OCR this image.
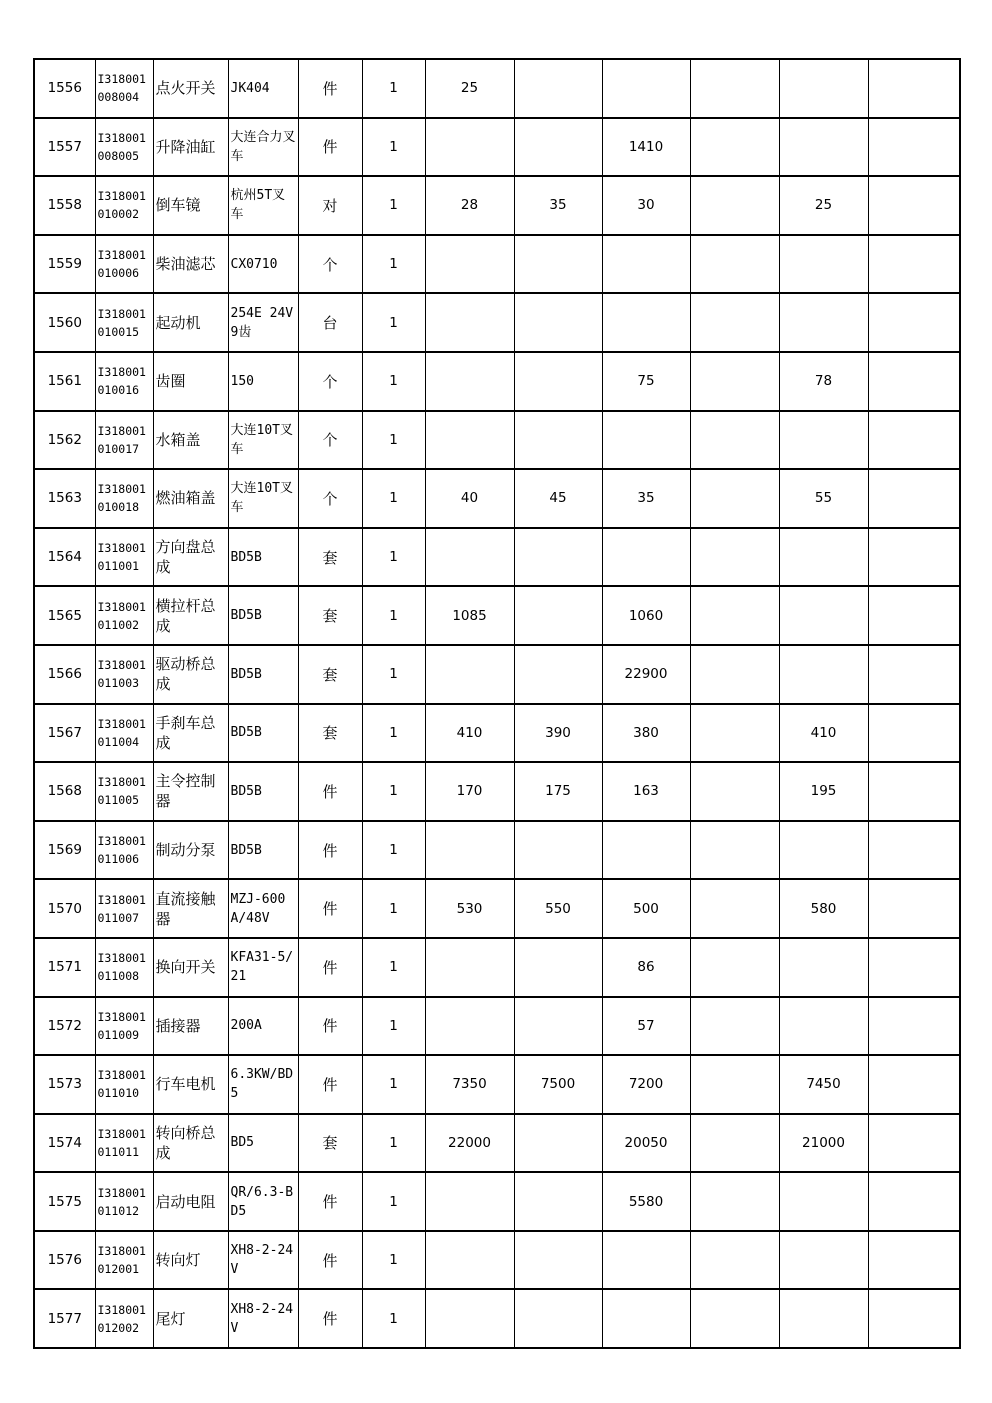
1556	I318001008004	点火开关	JK404	件	1	25					
1557	I318001008005	升降油缸	大连合力叉车	件	1			1410			
1558	I318001010002	倒车镜	杭州5T叉车	对	1	28	35	30		25	
1559	I318001010006	柴油滤芯	CX0710	个	1						
1560	I318001010015	起动机	254E 24V 9齿	台	1						
1561	I318001010016	齿圈	150	个	1			75		78	
1562	I318001010017	水箱盖	大连10T叉车	个	1						
1563	I318001010018	燃油箱盖	大连10T叉车	个	1	40	45	35		55	
1564	I318001011001	方向盘总成	BD5B	套	1						
1565	I318001011002	横拉杆总成	BD5B	套	1	1085		1060			
1566	I318001011003	驱动桥总成	BD5B	套	1			22900			
1567	I318001011004	手刹车总成	BD5B	套	1	410	390	380		410	
1568	I318001011005	主令控制器	BD5B	件	1	170	175	163		195	
1569	I318001011006	制动分泵	BD5B	件	1						
1570	I318001011007	直流接触器	MZJ-600A/48V	件	1	530	550	500		580	
1571	I318001011008	换向开关	KFA31-5/21	件	1			86			
1572	I318001011009	插接器	200A	件	1			57			
1573	I318001011010	行车电机	6.3KW/BD5	件	1	7350	7500	7200		7450	
1574	I318001011011	转向桥总成	BD5	套	1	22000		20050		21000	
1575	I318001011012	启动电阻	QR/6.3-BD5	件	1			5580			
1576	I318001012001	转向灯	XH8-2-24V	件	1						
1577	I318001012002	尾灯	XH8-2-24V	件	1						
